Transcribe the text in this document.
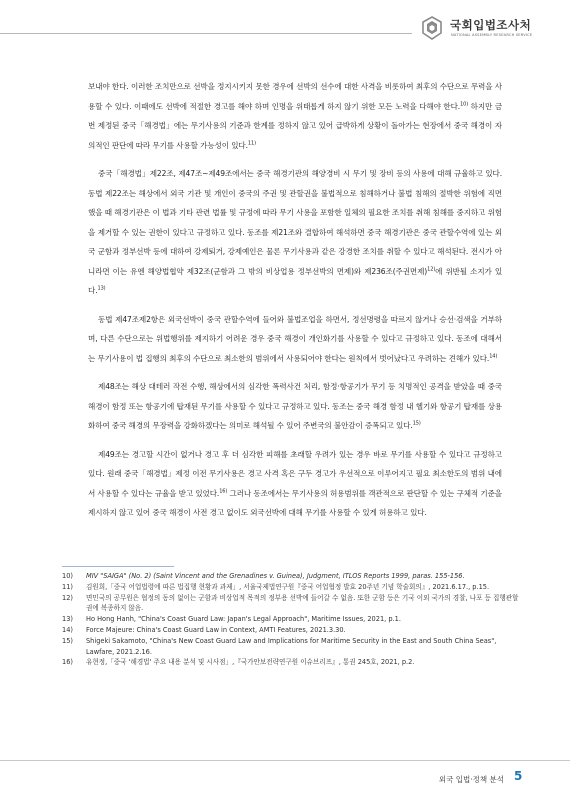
국회입법조사처
NATIONAL ASSEMBLY RESEARCH SERVICE

보내야 한다. 이러한 조치만으로 선박을 정지시키지 못한 경우에 선박의 선수에 대한 사격을 비롯하여 최후의 수단으로 무력을 사용할 수 있다. 이때에도 선박에 적절한 경고를 해야 하며 인명을 위태롭게 하지 않기 위한 모든 노력을 다해야 한다.$^{10)}$ 하지만 금번 제정된 중국「해경법」에는 무기사용의 기준과 한계를 정하지 않고 있어 급박하게 상황이 돌아가는 현장에서 중국 해경이 자의적인 판단에 따라 무기를 사용할 가능성이 있다.$^{11)}$

중국「해경법」제22조, 제47조~제49조에서는 중국 해경기관의 해양경비 시 무기 및 장비 등의 사용에 대해 규율하고 있다. 동법 제22조는 해상에서 외국 기관 및 개인이 중국의 주권 및 관할권을 불법적으로 침해하거나 불법 침해의 절박한 위험에 직면했을 때 해경기관은 이 법과 기타 관련 법률 및 규정에 따라 무기 사용을 포함한 일체의 필요한 조치를 취해 침해를 중지하고 위험을 제거할 수 있는 권한이 있다고 규정하고 있다. 동조를 제21조와 결합하여 해석하면 중국 해경기관은 중국 관할수역에 있는 외국 군함과 정부선박 등에 대하여 강제퇴거, 강제예인은 물론 무기사용과 같은 강경한 조치를 취할 수 있다고 해석된다. 전시가 아니라면 이는 유엔 해양법협약 제32조(군함과 그 밖의 비상업용 정부선박의 면제)와 제236조(주권면제)$^{12)}$에 위반될 소지가 있다.$^{13)}$

동법 제47조제2항은 외국선박이 중국 관할수역에 들어와 불법조업을 하면서, 정선명령을 따르지 않거나 승선·검색을 거부하며, 다른 수단으로는 위법행위를 제지하기 어려운 경우 중국 해경이 개인화기를 사용할 수 있다고 규정하고 있다. 동조에 대해서는 무기사용이 법 집행의 최후의 수단으로 최소한의 범위에서 사용되어야 한다는 원칙에서 벗어났다고 우려하는 견해가 있다.$^{14)}$

제48조는 해상 대테러 작전 수행, 해상에서의 심각한 폭력사건 처리, 함정·항공기가 무기 등 치명적인 공격을 받았을 때 중국 해경이 함정 또는 항공기에 탑재된 무기를 사용할 수 있다고 규정하고 있다. 동조는 중국 해경 함정 내 헬기와 항공기 탑재를 상용화하여 중국 해경의 무장력을 강화하겠다는 의미로 해석될 수 있어 주변국의 불안감이 증폭되고 있다.$^{15)}$

제49조는 경고할 시간이 없거나 경고 후 더 심각한 피해를 초래할 우려가 있는 경우 바로 무기를 사용할 수 있다고 규정하고 있다. 원래 중국「해경법」제정 이전 무기사용은 경고 사격 혹은 구두 경고가 우선적으로 이루어지고 필요 최소한도의 범위 내에서 사용할 수 있다는 규율을 받고 있었다.$^{16)}$ 그러나 동조에서는 무기사용의 허용범위를 객관적으로 판단할 수 있는 구체적 기준을 제시하지 않고 있어 중국 해경이 사전 경고 없이도 외국선박에 대해 무기를 사용할 수 있게 허용하고 있다.

10) MIV "SAIGA" (No. 2) (Saint Vincent and the Grenadines v. Guinea), Judgment, ITLOS Reports 1999, paras. 155-156.
11) 김원희,「중국 어업법령에 따른 법집행 현황과 과제」, 서울국제법연구원『중국 어업협정 발효 20주년 기념 학술회의』, 2021.6.17., p.15.
12) 면민국의 공무원은 협정의 동의 없이는 군함과 비상업적 목적의 정부용 선박에 들어갈 수 없음. 또한 군함 등은 기국 이외 국가의 경찰, 나포 등 집행관할권에 복종하지 않음.
13) Ho Hong Hanh, "China's Coast Guard Law: Japan's Legal Approach", Maritime Issues, 2021, p.1.
14) Force Majeure: China's Coast Guard Law in Context, AMTI Features, 2021.3.30.
15) Shigeki Sakamoto, "China's New Coast Guard Law and Implications for Maritime Security in the East and South China Seas", Lawfare, 2021.2.16.
16) 유현정,「중국 '해경법' 주요 내용 분석 및 시사점」,『국가안보전략연구원 이슈브리프』, 통권 245호, 2021, p.2.
외국 입법·정책 분석 5
